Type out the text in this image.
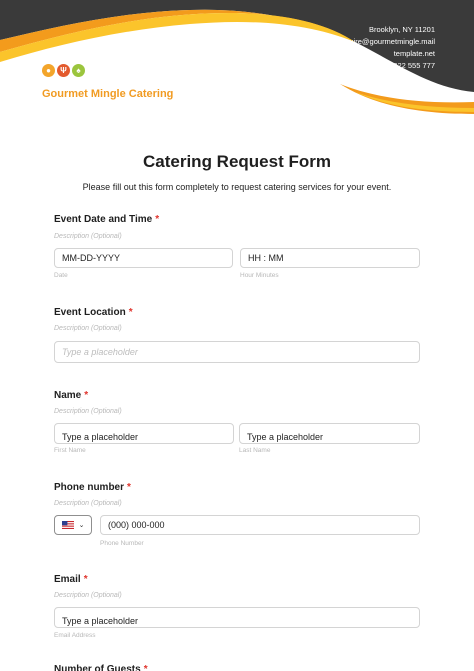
●	Ψ	♠
Gourmet Mingle Catering
Brooklyn, NY 11201
inquire@gourmetmingle.mail
template.net
222 555 777
Catering Request Form
Please fill out this form completely to request catering services for your event.
Event Date and Time *
Description (Optional)
MM-DD-YYYY
Date
HH : MM
Hour Minutes
Event Location *
Description (Optional)
Type a placeholder
Name *
Description (Optional)
Type a placeholder
First Name
Type a placeholder
Last Name
Phone number *
Description (Optional)
⌄	(000) 000-000
Phone Number
Email *
Description (Optional)
Type a placeholder
Email Address
Number of Guests *
